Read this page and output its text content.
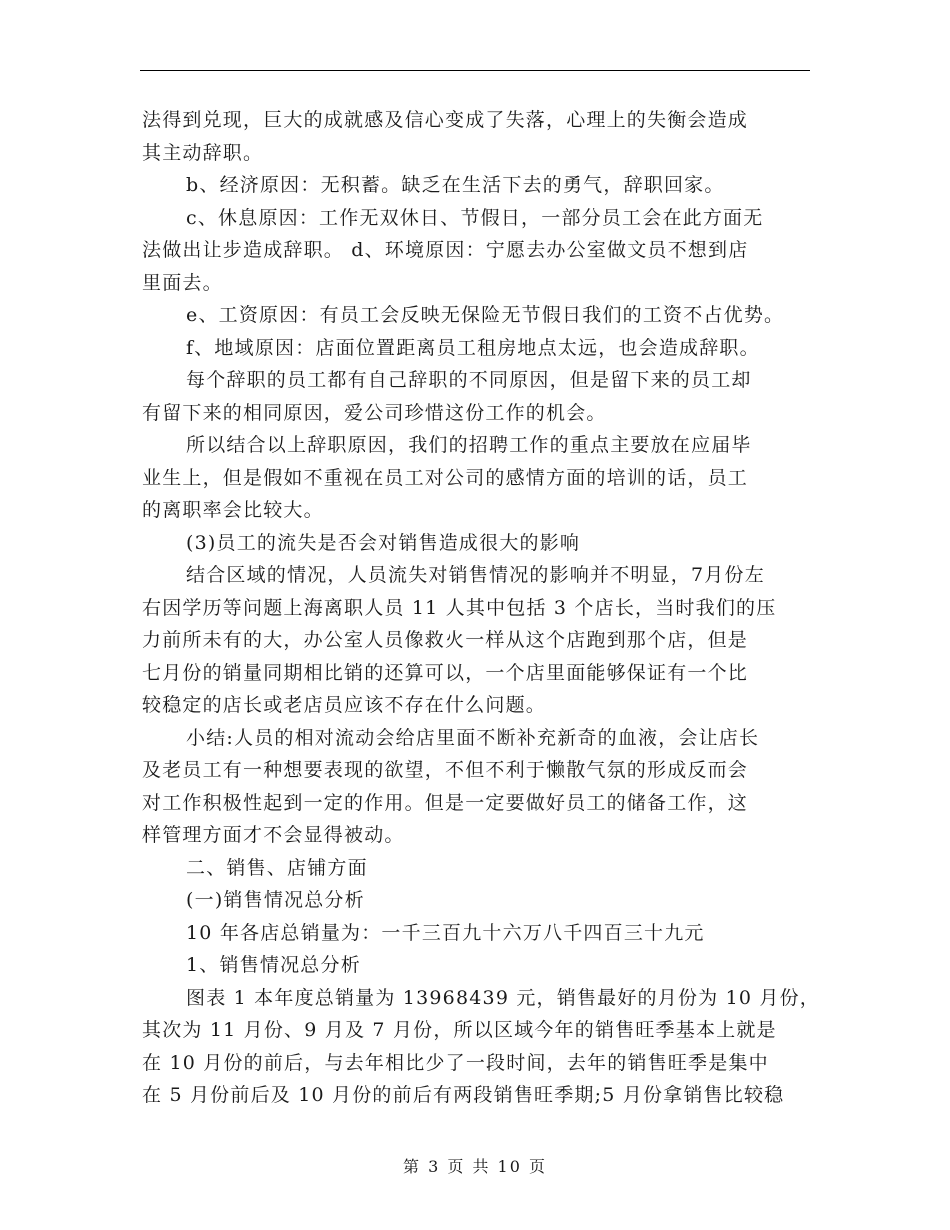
法得到兑现，巨大的成就感及信心变成了失落，心理上的失衡会造成
其主动辞职。
b、经济原因：无积蓄。缺乏在生活下去的勇气，辞职回家。
c、休息原因：工作无双休日、节假日，一部分员工会在此方面无
法做出让步造成辞职。 d、环境原因：宁愿去办公室做文员不想到店
里面去。
e、工资原因：有员工会反映无保险无节假日我们的工资不占优势。
f、地域原因：店面位置距离员工租房地点太远，也会造成辞职。
每个辞职的员工都有自己辞职的不同原因，但是留下来的员工却
有留下来的相同原因，爱公司珍惜这份工作的机会。
所以结合以上辞职原因，我们的招聘工作的重点主要放在应届毕
业生上，但是假如不重视在员工对公司的感情方面的培训的话，员工
的离职率会比较大。
(3)员工的流失是否会对销售造成很大的影响
结合区域的情况，人员流失对销售情况的影响并不明显，7月份左
右因学历等问题上海离职人员 11 人其中包括 3 个店长，当时我们的压
力前所未有的大，办公室人员像救火一样从这个店跑到那个店，但是
七月份的销量同期相比销的还算可以，一个店里面能够保证有一个比
较稳定的店长或老店员应该不存在什么问题。
小结:人员的相对流动会给店里面不断补充新奇的血液，会让店长
及老员工有一种想要表现的欲望，不但不利于懒散气氛的形成反而会
对工作积极性起到一定的作用。但是一定要做好员工的储备工作，这
样管理方面才不会显得被动。
二、销售、店铺方面
(一)销售情况总分析
10 年各店总销量为：一千三百九十六万八千四百三十九元
1、销售情况总分析
图表 1 本年度总销量为 13968439 元，销售最好的月份为 10 月份，
其次为 11 月份、9 月及 7 月份，所以区域今年的销售旺季基本上就是
在 10 月份的前后，与去年相比少了一段时间，去年的销售旺季是集中
在 5 月份前后及 10 月份的前后有两段销售旺季期;5 月份拿销售比较稳
第 3 页 共 10 页
